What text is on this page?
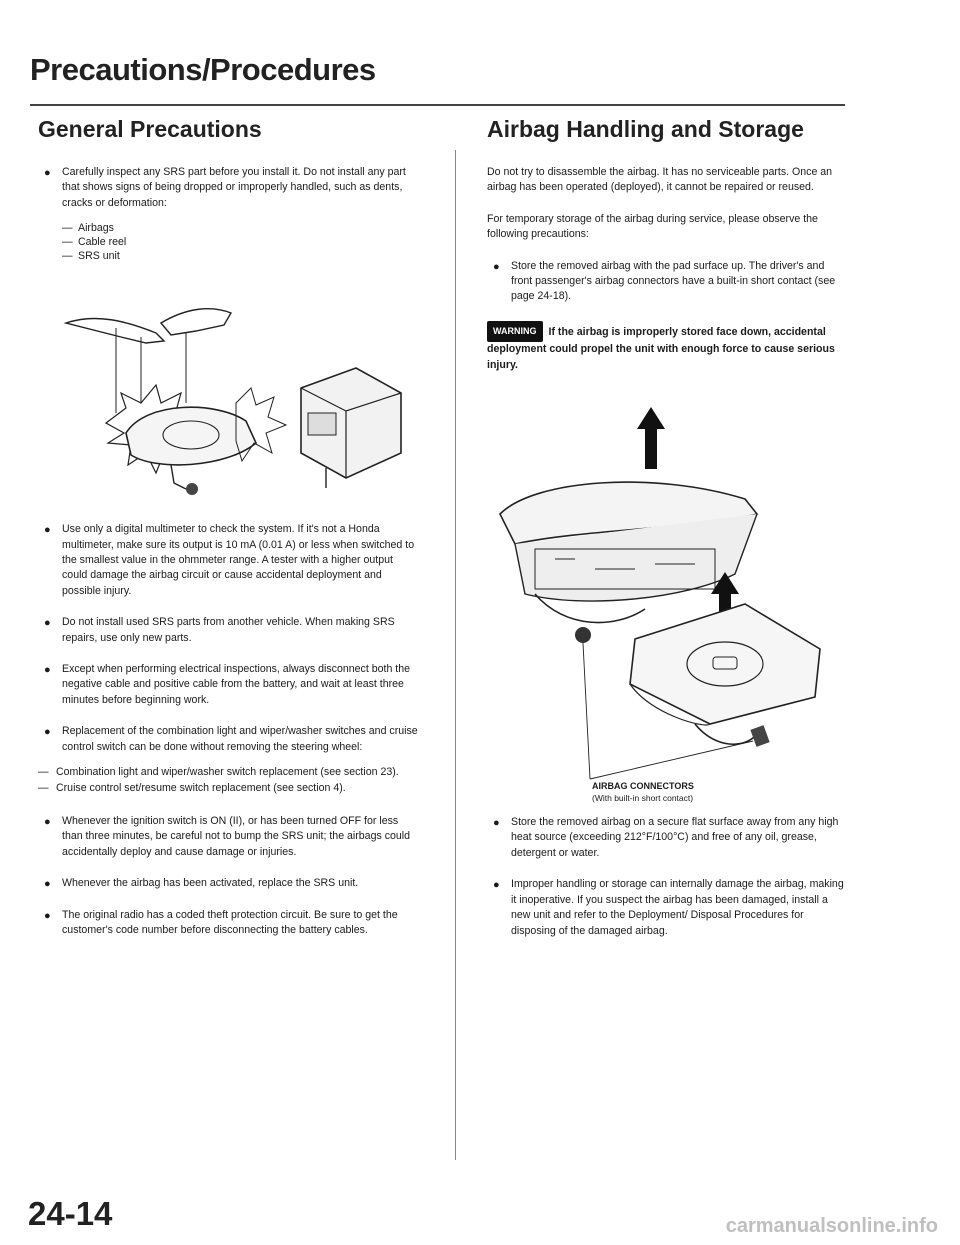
Precautions/Procedures
General Precautions
● Carefully inspect any SRS part before you install it. Do not install any part that shows signs of being dropped or improperly handled, such as dents, cracks or deformation:
— Airbags
— Cable reel
— SRS unit
● Use only a digital multimeter to check the system. If it's not a Honda multimeter, make sure its output is 10 mA (0.01 A) or less when switched to the smallest value in the ohmmeter range. A tester with a higher output could damage the airbag circuit or cause accidental deployment and possible injury.
● Do not install used SRS parts from another vehicle. When making SRS repairs, use only new parts.
● Except when performing electrical inspections, always disconnect both the negative cable and positive cable from the battery, and wait at least three minutes before beginning work.
● Replacement of the combination light and wiper/washer switches and cruise control switch can be done without removing the steering wheel:
— Combination light and wiper/washer switch replacement (see section 23).
— Cruise control set/resume switch replacement (see section 4).
● Whenever the ignition switch is ON (II), or has been turned OFF for less than three minutes, be careful not to bump the SRS unit; the airbags could accidentally deploy and cause damage or injuries.
● Whenever the airbag has been activated, replace the SRS unit.
● The original radio has a coded theft protection circuit. Be sure to get the customer's code number before disconnecting the battery cables.
Airbag Handling and Storage

Do not try to disassemble the airbag. It has no serviceable parts. Once an airbag has been operated (deployed), it cannot be repaired or reused.

For temporary storage of the airbag during service, please observe the following precautions:

● Store the removed airbag with the pad surface up. The driver's and front passenger's airbag connectors have a built-in short contact (see page 24-18).
WARNING If the airbag is improperly stored face down, accidental deployment could propel the unit with enough force to cause serious injury.
AIRBAG CONNECTORS
(With built-in short contact)
● Store the removed airbag on a secure flat surface away from any high heat source (exceeding 212°F/100°C) and free of any oil, grease, detergent or water.
● Improper handling or storage can internally damage the airbag, making it inoperative. If you suspect the airbag has been damaged, install a new unit and refer to the Deployment/ Disposal Procedures for disposing of the damaged airbag.
24-14	carmanualsonline.info
